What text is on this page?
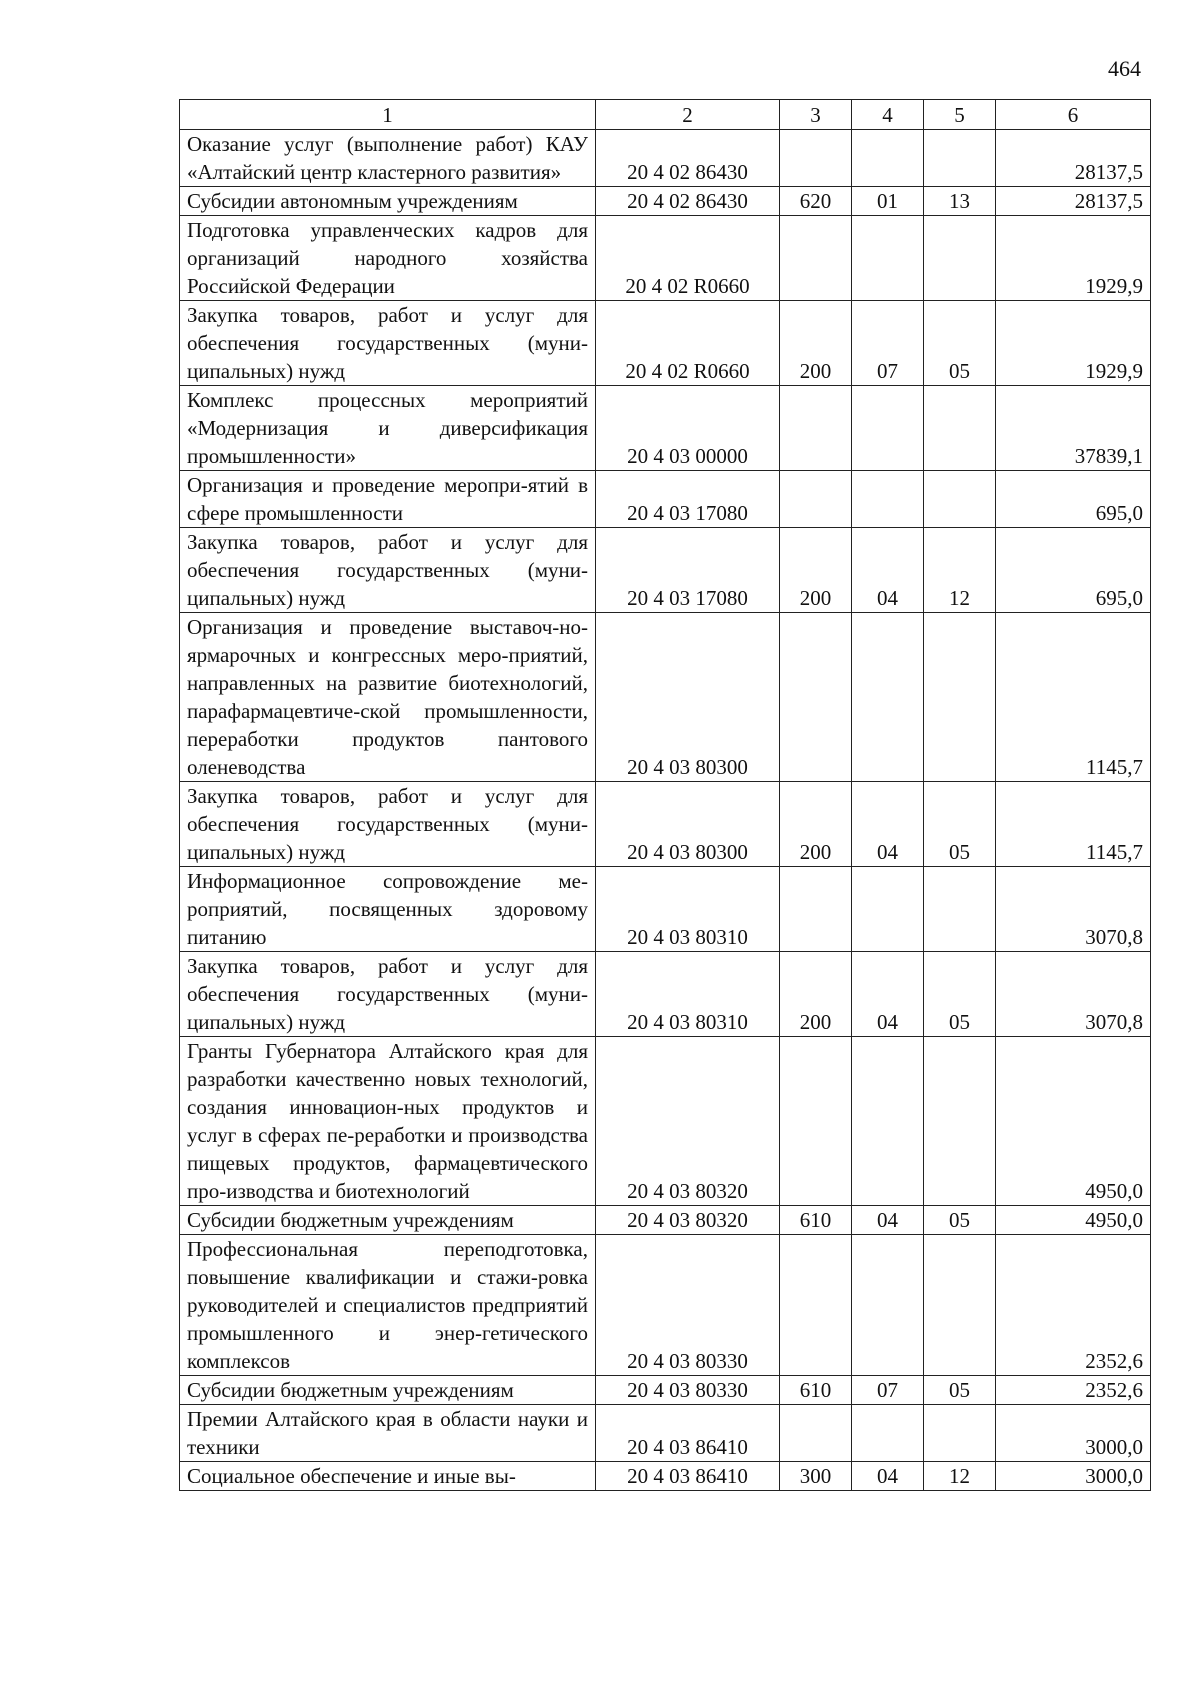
464
1	2	3	4	5	6
Оказание услуг (выполнение работ) КАУ «Алтайский центр кластерного развития»	20 4 02 86430				28137,5
Субсидии автономным учреждениям	20 4 02 86430	620	01	13	28137,5
Подготовка управленческих кадров для организаций народного хозяйства Российской Федерации	20 4 02 R0660				1929,9
Закупка товаров, работ и услуг для обеспечения государственных (муни-ципальных) нужд	20 4 02 R0660	200	07	05	1929,9
Комплекс процессных мероприятий «Модернизация и диверсификация промышленности»	20 4 03 00000				37839,1
Организация и проведение меропри-ятий в сфере промышленности	20 4 03 17080				695,0
Закупка товаров, работ и услуг для обеспечения государственных (муни-ципальных) нужд	20 4 03 17080	200	04	12	695,0
Организация и проведение выставоч-но-ярмарочных и конгрессных меро-приятий, направленных на развитие биотехнологий, парафармацевтиче-ской промышленности, переработки продуктов пантового оленеводства	20 4 03 80300				1145,7
Закупка товаров, работ и услуг для обеспечения государственных (муни-ципальных) нужд	20 4 03 80300	200	04	05	1145,7
Информационное сопровождение ме-роприятий, посвященных здоровому питанию	20 4 03 80310				3070,8
Закупка товаров, работ и услуг для обеспечения государственных (муни-ципальных) нужд	20 4 03 80310	200	04	05	3070,8
Гранты Губернатора Алтайского края для разработки качественно новых технологий, создания инновацион-ных продуктов и услуг в сферах пе-реработки и производства пищевых продуктов, фармацевтического про-изводства и биотехнологий	20 4 03 80320				4950,0
Субсидии бюджетным учреждениям	20 4 03 80320	610	04	05	4950,0
Профессиональная переподготовка, повышение квалификации и стажи-ровка руководителей и специалистов предприятий промышленного и энер-гетического комплексов	20 4 03 80330				2352,6
Субсидии бюджетным учреждениям	20 4 03 80330	610	07	05	2352,6
Премии Алтайского края в области науки и техники	20 4 03 86410				3000,0
Социальное обеспечение и иные вы-	20 4 03 86410	300	04	12	3000,0
